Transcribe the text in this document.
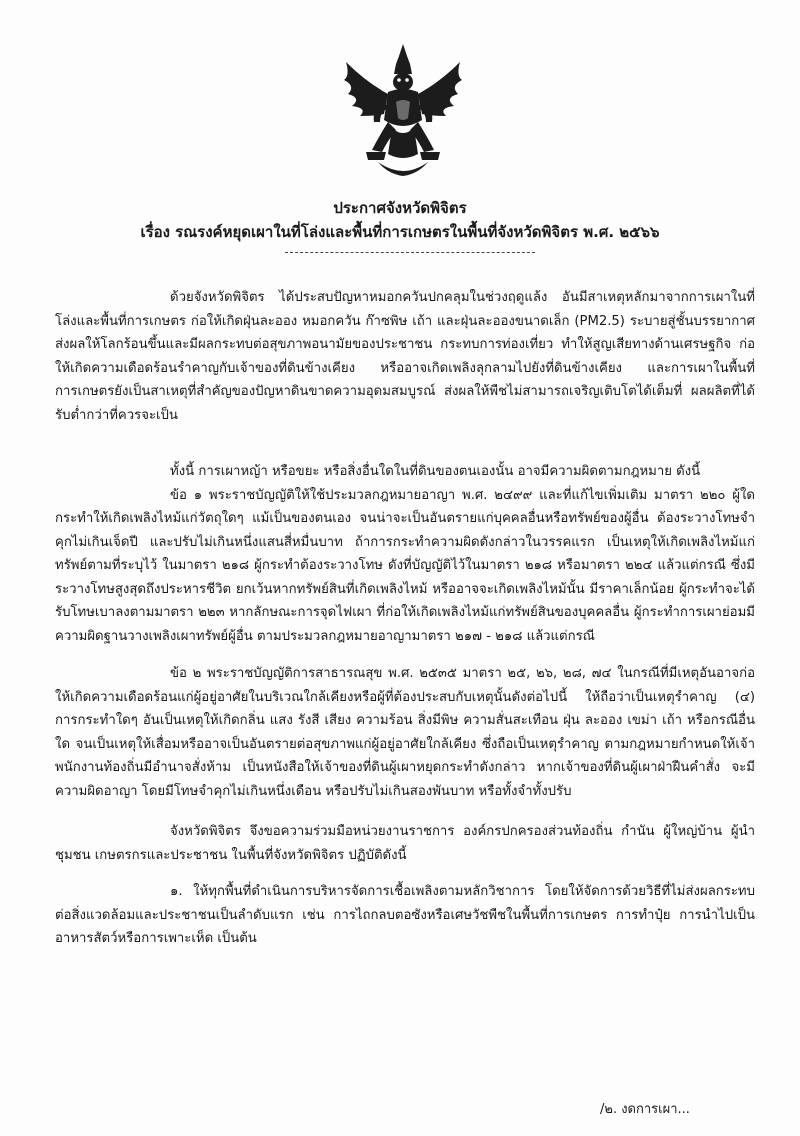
ประกาศจังหวัดพิจิตร
เรื่อง รณรงค์หยุดเผาในที่โล่งและพื้นที่การเกษตรในพื้นที่จังหวัดพิจิตร พ.ศ. ๒๕๖๖

ด้วยจังหวัดพิจิตร ได้ประสบปัญหาหมอกควันปกคลุมในช่วงฤดูแล้ง อันมีสาเหตุหลักมาจากการเผาในที่โล่งและพื้นที่การเกษตร ก่อให้เกิดฝุ่นละออง หมอกควัน ก๊าซพิษ เถ้า และฝุ่นละอองขนาดเล็ก (PM2.5) ระบายสู่ชั้นบรรยากาศ ส่งผลให้โลกร้อนขึ้นและมีผลกระทบต่อสุขภาพอนามัยของประชาชน กระทบการท่องเที่ยว ทำให้สูญเสียทางด้านเศรษฐกิจ ก่อให้เกิดความเดือดร้อนรำคาญกับเจ้าของที่ดินข้างเคียง หรืออาจเกิดเพลิงลุกลามไปยังที่ดินข้างเคียง และการเผาในพื้นที่การเกษตรยังเป็นสาเหตุที่สำคัญของปัญหาดินขาดความอุดมสมบูรณ์ ส่งผลให้พืชไม่สามารถเจริญเติบโตได้เต็มที่ ผลผลิตที่ได้รับต่ำกว่าที่ควรจะเป็น

ทั้งนี้ การเผาหญ้า หรือขยะ หรือสิ่งอื่นใดในที่ดินของตนเองนั้น อาจมีความผิดตามกฎหมาย ดังนี้

ข้อ ๑ พระราชบัญญัติให้ใช้ประมวลกฎหมายอาญา พ.ศ. ๒๔๙๙ และที่แก้ไขเพิ่มเติม มาตรา ๒๒๐ ผู้ใดกระทำให้เกิดเพลิงไหม้แก่วัตถุใดๆ แม้เป็นของตนเอง จนน่าจะเป็นอันตรายแก่บุคคลอื่นหรือทรัพย์ของผู้อื่น ต้องระวางโทษจำคุกไม่เกินเจ็ดปี และปรับไม่เกินหนึ่งแสนสี่หมื่นบาท ถ้าการกระทำความผิดดังกล่าวในวรรคแรก เป็นเหตุให้เกิดเพลิงไหม้แก่ทรัพย์ตามที่ระบุไว้ ในมาตรา ๒๑๘ ผู้กระทำต้องระวางโทษ ดังที่บัญญัติไว้ในมาตรา ๒๑๘ หรือมาตรา ๒๒๔ แล้วแต่กรณี ซึ่งมีระวางโทษสูงสุดถึงประหารชีวิต ยกเว้นหากทรัพย์สินที่เกิดเพลิงไหม้ หรืออาจจะเกิดเพลิงไหม้นั้น มีราคาเล็กน้อย ผู้กระทำจะได้รับโทษเบาลงตามมาตรา ๒๒๓ หากลักษณะการจุดไฟเผา ที่ก่อให้เกิดเพลิงไหม้แก่ทรัพย์สินของบุคคลอื่น ผู้กระทำการเผาย่อมมีความผิดฐานวางเพลิงเผาทรัพย์ผู้อื่น ตามประมวลกฎหมายอาญามาตรา ๒๑๗ - ๒๑๘ แล้วแต่กรณี

ข้อ ๒ พระราชบัญญัติการสาธารณสุข พ.ศ. ๒๕๓๕ มาตรา ๒๕, ๒๖, ๒๘, ๗๔ ในกรณีที่มีเหตุอันอาจก่อให้เกิดความเดือดร้อนแก่ผู้อยู่อาศัยในบริเวณใกล้เคียงหรือผู้ที่ต้องประสบกับเหตุนั้นดังต่อไปนี้ ให้ถือว่าเป็นเหตุรำคาญ (๔) การกระทำใดๆ อันเป็นเหตุให้เกิดกลิ่น แสง รังสี เสียง ความร้อน สิ่งมีพิษ ความสั่นสะเทือน ฝุ่น ละออง เขม่า เถ้า หรือกรณีอื่นใด จนเป็นเหตุให้เสื่อมหรืออาจเป็นอันตรายต่อสุขภาพแก่ผู้อยู่อาศัยใกล้เคียง ซึ่งถือเป็นเหตุรำคาญ ตามกฎหมายกำหนดให้เจ้าพนักงานท้องถิ่นมีอำนาจสั่งห้าม เป็นหนังสือให้เจ้าของที่ดินผู้เผาหยุดกระทำดังกล่าว หากเจ้าของที่ดินผู้เผาฝ่าฝืนคำสั่ง จะมีความผิดอาญา โดยมีโทษจำคุกไม่เกินหนึ่งเดือน หรือปรับไม่เกินสองพันบาท หรือทั้งจำทั้งปรับ

จังหวัดพิจิตร จึงขอความร่วมมือหน่วยงานราชการ องค์กรปกครองส่วนท้องถิ่น กำนัน ผู้ใหญ่บ้าน ผู้นำชุมชน เกษตรกรและประชาชน ในพื้นที่จังหวัดพิจิตร ปฏิบัติดังนี้

๑. ให้ทุกพื้นที่ดำเนินการบริหารจัดการเชื้อเพลิงตามหลักวิชาการ โดยให้จัดการด้วยวิธีที่ไม่ส่งผลกระทบต่อสิ่งแวดล้อมและประชาชนเป็นลำดับแรก เช่น การไถกลบตอซังหรือเศษวัชพืชในพื้นที่การเกษตร การทำปุ๋ย การนำไปเป็นอาหารสัตว์หรือการเพาะเห็ด เป็นต้น

/๒. งดการเผา...
